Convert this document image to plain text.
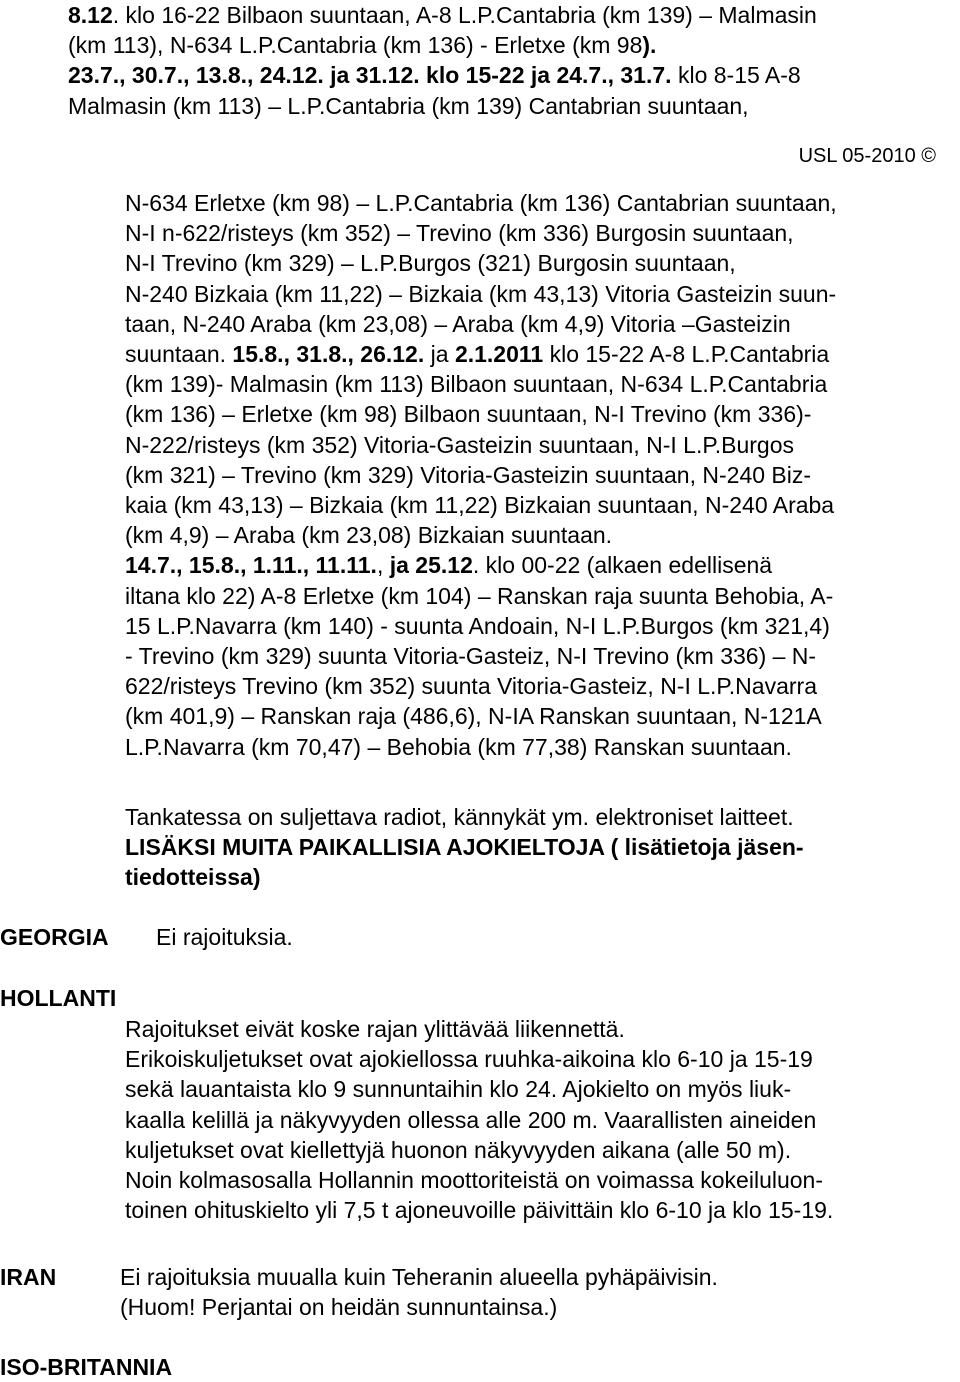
8.12. klo 16-22 Bilbaon suuntaan, A-8 L.P.Cantabria (km 139) – Malmasin
(km 113), N-634 L.P.Cantabria (km 136) - Erletxe (km 98).
23.7., 30.7., 13.8., 24.12. ja 31.12. klo 15-22 ja 24.7., 31.7. klo 8-15 A-8
Malmasin (km 113) – L.P.Cantabria (km 139) Cantabrian suuntaan,
USL 05-2010 ©
N-634 Erletxe (km 98) – L.P.Cantabria (km 136) Cantabrian suuntaan,
N-I n-622/risteys (km 352) – Trevino (km 336) Burgosin suuntaan,
N-I Trevino (km 329) – L.P.Burgos (321) Burgosin suuntaan,
N-240 Bizkaia (km 11,22) – Bizkaia (km 43,13) Vitoria Gasteizin suun-
taan, N-240 Araba (km 23,08) – Araba (km 4,9) Vitoria –Gasteizin
suuntaan. 15.8., 31.8., 26.12. ja 2.1.2011 klo 15-22 A-8 L.P.Cantabria
(km 139)- Malmasin (km 113) Bilbaon suuntaan, N-634 L.P.Cantabria
(km 136) – Erletxe (km 98) Bilbaon suuntaan, N-I Trevino (km 336)-
N-222/risteys (km 352) Vitoria-Gasteizin suuntaan, N-I L.P.Burgos
(km 321) – Trevino (km 329) Vitoria-Gasteizin suuntaan, N-240 Biz-
kaia (km 43,13) – Bizkaia (km 11,22) Bizkaian suuntaan, N-240 Araba
(km 4,9) – Araba (km 23,08) Bizkaian suuntaan.
14.7., 15.8., 1.11., 11.11., ja 25.12. klo 00-22 (alkaen edellisenä
iltana klo 22) A-8 Erletxe (km 104) – Ranskan raja suunta Behobia, A-
15 L.P.Navarra (km 140) - suunta Andoain, N-I L.P.Burgos (km 321,4)
- Trevino (km 329) suunta Vitoria-Gasteiz, N-I Trevino (km 336) – N-
622/risteys Trevino (km 352) suunta Vitoria-Gasteiz, N-I L.P.Navarra
(km 401,9) – Ranskan raja (486,6), N-IA Ranskan suuntaan, N-121A
L.P.Navarra (km 70,47) – Behobia (km 77,38) Ranskan suuntaan.
Tankatessa on suljettava radiot, kännykät ym. elektroniset laitteet.
LISÄKSI MUITA PAIKALLISIA AJOKIELTOJA ( lisätietoja jäsen-
tiedotteissa)
GEORGIA Ei rajoituksia.
HOLLANTI
Rajoitukset eivät koske rajan ylittävää liikennettä.
Erikoiskuljetukset ovat ajokiellossa ruuhka-aikoina klo 6-10 ja 15-19
sekä lauantaista klo 9 sunnuntaihin klo 24. Ajokielto on myös liuk-
kaalla kelillä ja näkyvyyden ollessa alle 200 m. Vaarallisten aineiden
kuljetukset ovat kiellettyjä huonon näkyvyyden aikana (alle 50 m).
Noin kolmasosalla Hollannin moottoriteistä on voimassa kokeiluluon-
toinen ohituskielto yli 7,5 t ajoneuvoille päivittäin klo 6-10 ja klo 15-19.
IRAN	Ei rajoituksia muualla kuin Teheranin alueella pyhäpäivisin.
(Huom! Perjantai on heidän sunnuntainsa.)
ISO-BRITANNIA
